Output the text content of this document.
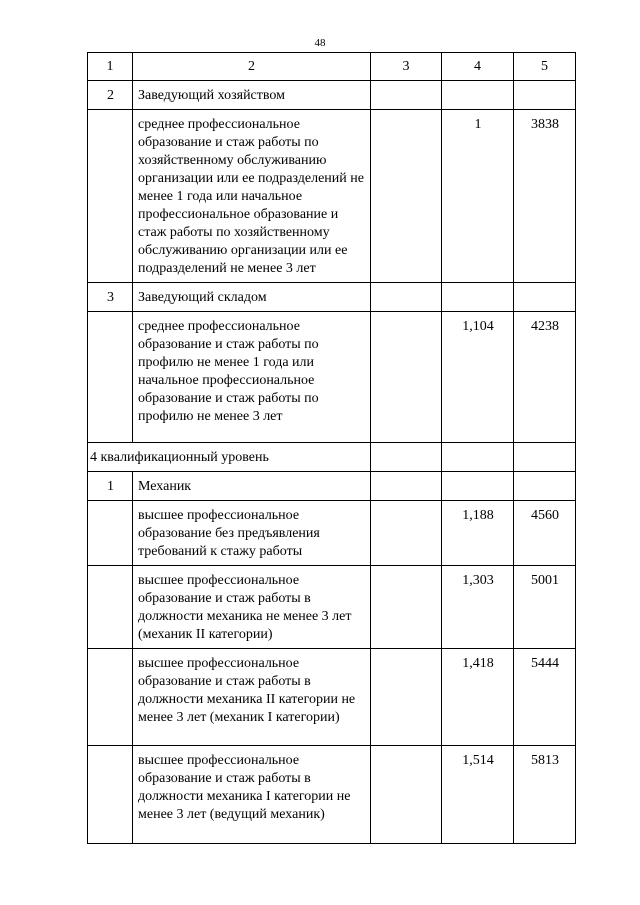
48
1	2	3	4	5

2	Заведующий хозяйством			

	среднее профессиональное образование и стаж работы по хозяйственному обслуживанию организации или ее подразделений не менее 1 года или начальное профессиональное образование и стаж работы по хозяйственному обслуживанию организации или ее подразделений не менее 3 лет		1	3838

3	Заведующий складом			

	среднее профессиональное образование и стаж работы по профилю не менее 1 года или начальное профессиональное образование и стаж работы по профилю не менее 3 лет		1,104	4238

4 квалификационный уровень				

1	Механик			

	высшее профессиональное образование без предъявления требований к стажу работы		1,188	4560

	высшее профессиональное образование и стаж работы в должности механика не менее 3 лет (механик II категории)		1,303	5001

	высшее профессиональное образование и стаж работы в должности механика II категории не менее 3 лет (механик I категории)		1,418	5444

	высшее профессиональное образование и стаж работы в должности механика I категории не менее 3 лет (ведущий механик)		1,514	5813
